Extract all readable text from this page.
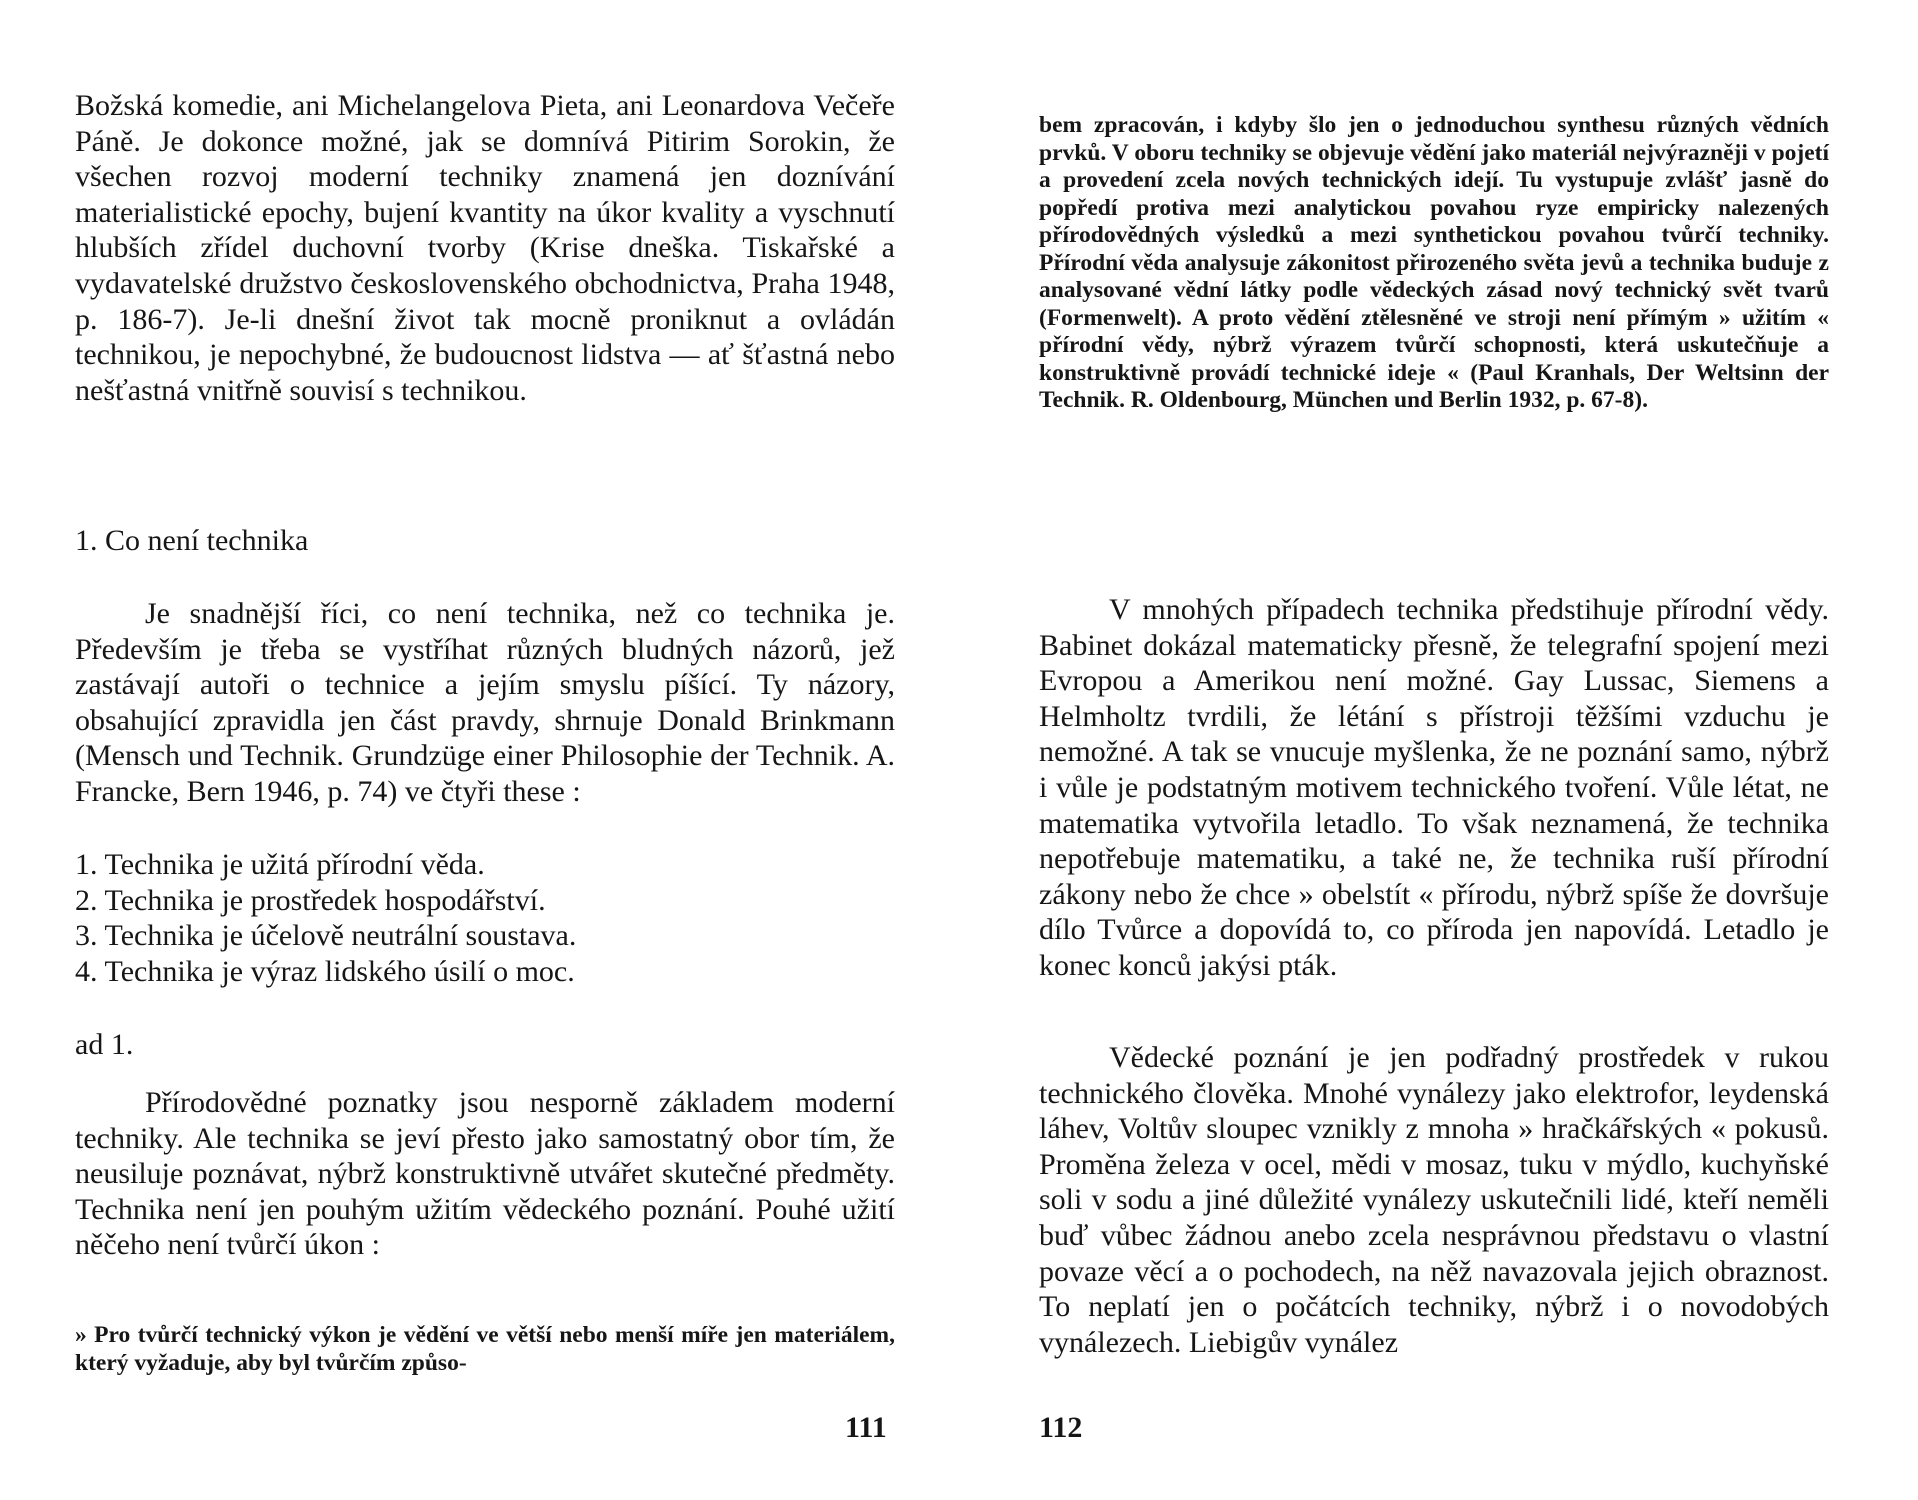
Božská komedie, ani Michelangelova Pieta, ani Leonardova Večeře Páně. Je dokonce možné, jak se domnívá Pitirim Sorokin, že všechen rozvoj moderní techniky znamená jen doznívání materialistické epochy, bujení kvantity na úkor kvality a vyschnutí hlubších zřídel duchovní tvorby (Krise dneška. Tiskařské a vydavatelské družstvo československého obchodnictva, Praha 1948, p. 186-7). Je-li dnešní život tak mocně proniknut a ovládán technikou, je nepochybné, že budoucnost lidstva — ať šťastná nebo nešťastná vnitřně souvisí s technikou.

1. Co není technika

Je snadnější říci, co není technika, než co technika je. Především je třeba se vystříhat různých bludných názorů, jež zastávají autoři o technice a jejím smyslu píšící. Ty názory, obsahující zpravidla jen část pravdy, shrnuje Donald Brinkmann (Mensch und Technik. Grundzüge einer Philosophie der Technik. A. Francke, Bern 1946, p. 74) ve čtyři these :

1. Technika je užitá přírodní věda.
2. Technika je prostředek hospodářství.
3. Technika je účelově neutrální soustava.
4. Technika je výraz lidského úsilí o moc.
ad 1.

Přírodovědné poznatky jsou nesporně základem moderní techniky. Ale technika se jeví přesto jako samostatný obor tím, že neusiluje poznávat, nýbrž konstruktivně utvářet skutečné předměty. Technika není jen pouhým užitím vědeckého poznání. Pouhé užití něčeho není tvůrčí úkon :

» Pro tvůrčí technický výkon je vědění ve větší nebo menší míře jen materiálem, který vyžaduje, aby byl tvůrčím způso-

111

bem zpracován, i kdyby šlo jen o jednoduchou synthesu různých vědních prvků. V oboru techniky se objevuje vědění jako materiál nejvýrazněji v pojetí a provedení zcela nových technických idejí. Tu vystupuje zvlášť jasně do popředí protiva mezi analytickou povahou ryze empiricky nalezených přírodovědných výsledků a mezi synthetickou povahou tvůrčí techniky. Přírodní věda analysuje zákonitost přirozeného světa jevů a technika buduje z analysované vědní látky podle vědeckých zásad nový technický svět tvarů (Formenwelt). A proto vědění ztělesněné ve stroji není přímým » užitím « přírodní vědy, nýbrž výrazem tvůrčí schopnosti, která uskutečňuje a konstruktivně provádí technické ideje « (Paul Kranhals, Der Weltsinn der Technik. R. Oldenbourg, München und Berlin 1932, p. 67-8).

V mnohých případech technika předstihuje přírodní vědy. Babinet dokázal matematicky přesně, že telegrafní spojení mezi Evropou a Amerikou není možné. Gay Lussac, Siemens a Helmholtz tvrdili, že létání s přístroji těžšími vzduchu je nemožné. A tak se vnucuje myšlenka, že ne poznání samo, nýbrž i vůle je podstatným motivem technického tvoření. Vůle létat, ne matematika vytvořila letadlo. To však neznamená, že technika nepotřebuje matematiku, a také ne, že technika ruší přírodní zákony nebo že chce » obelstít « přírodu, nýbrž spíše že dovršuje dílo Tvůrce a dopovídá to, co příroda jen napovídá. Letadlo je konec konců jakýsi pták.

Vědecké poznání je jen podřadný prostředek v rukou technického člověka. Mnohé vynálezy jako elektrofor, leydenská láhev, Voltův sloupec vznikly z mnoha » hračkářských « pokusů. Proměna železa v ocel, mědi v mosaz, tuku v mýdlo, kuchyňské soli v sodu a jiné důležité vynálezy uskutečnili lidé, kteří neměli buď vůbec žádnou anebo zcela nesprávnou představu o vlastní povaze věcí a o pochodech, na něž navazovala jejich obraznost. To neplatí jen o počátcích techniky, nýbrž i o novodobých vynálezech. Liebigův vynález

112
